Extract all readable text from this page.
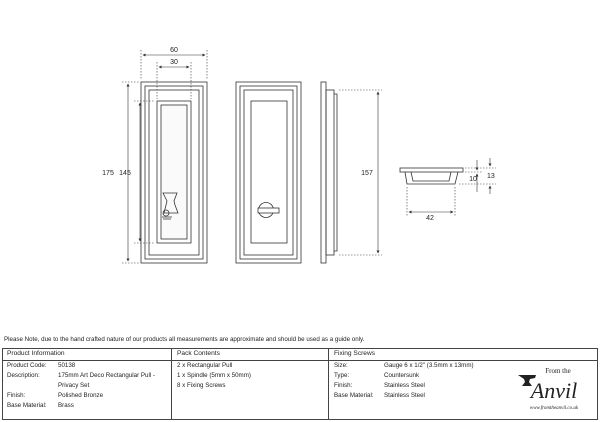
60
30
175 145	157
42
10 13
Please Note, due to the hand crafted nature of our products all measurements are approximate and should be used as a guide only.
Product Information
Product Code: 50138
Description:	175mm Art Deco Rectangular Pull -
Privacy Set
Finish:	Polished Bronze
Base Material: Brass
Pack Contents
2 x Rectangular Pull
1 x Spindle (5mm x 50mm)
8 x Fixing Screws
Fixing Screws
Size:	Gauge 6 x 1/2" (3.5mm x 13mm)
Type:	Countersunk
Finish:	Stainless Steel
Base Material: Stainless Steel
From the
Anvil
www.fromtheanvil.co.uk
